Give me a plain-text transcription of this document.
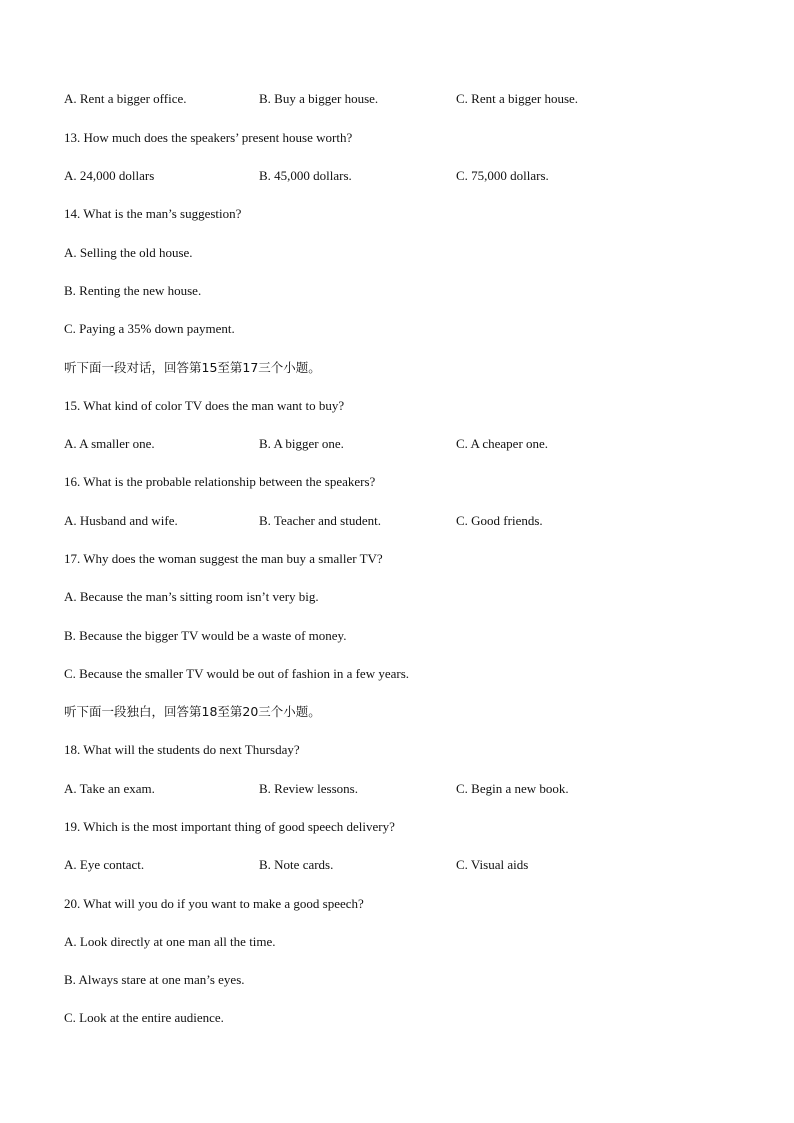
A. Rent a bigger office.	B. Buy a bigger house.	C. Rent a bigger house.
13. How much does the speakers’ present house worth?
A. 24,000 dollars	B. 45,000 dollars.	C. 75,000 dollars.
14. What is the man’s suggestion?
A. Selling the old house.
B. Renting the new house.
C. Paying a 35% down payment.
听下面一段对话，回答第15至第17三个小题。
15. What kind of color TV does the man want to buy?
A. A smaller one.	B. A bigger one.	C. A cheaper one.
16. What is the probable relationship between the speakers?
A. Husband and wife.	B. Teacher and student.	C. Good friends.
17. Why does the woman suggest the man buy a smaller TV?
A. Because the man’s sitting room isn’t very big.
B. Because the bigger TV would be a waste of money.
C. Because the smaller TV would be out of fashion in a few years.
听下面一段独白，回答第18至第20三个小题。
18. What will the students do next Thursday?
A. Take an exam.	B. Review lessons.	C. Begin a new book.
19. Which is the most important thing of good speech delivery?
A. Eye contact.	B. Note cards.	C. Visual aids
20. What will you do if you want to make a good speech?
A. Look directly at one man all the time.
B. Always stare at one man’s eyes.
C. Look at the entire audience.
